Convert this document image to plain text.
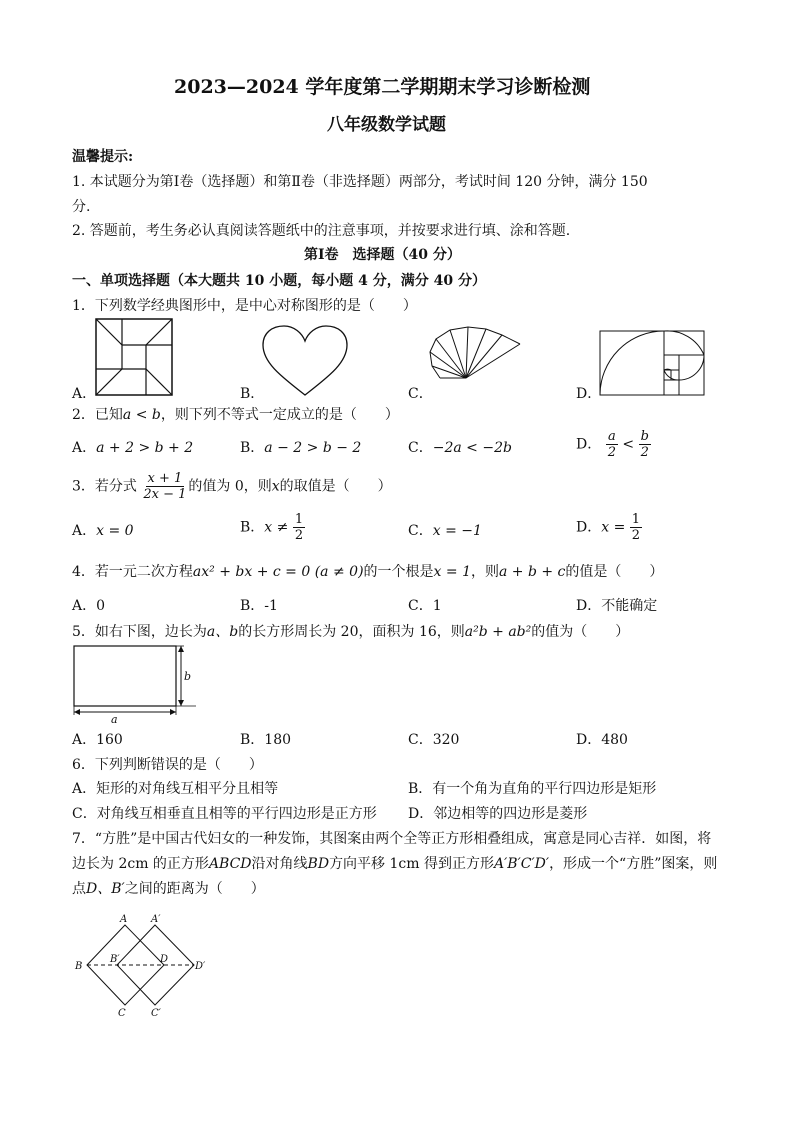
2023—2024 学年度第二学期期末学习诊断检测
八年级数学试题
温馨提示:
1. 本试题分为第Ⅰ卷（选择题）和第Ⅱ卷（非选择题）两部分，考试时间 120 分钟，满分 150
分.
2. 答题前，考生务必认真阅读答题纸中的注意事项，并按要求进行填、涂和答题.
第Ⅰ卷　选择题（40 分）
一、单项选择题（本大题共 10 小题，每小题 4 分，满分 40 分）
1．下列数学经典图形中，是中心对称图形的是（　　）
A．	B．	C．	D．
2．已知a < b，则下列不等式一定成立的是（　　）
A．a + 2 > b + 2	B．a − 2 > b − 2	C．−2a < −2b	D． $\frac{a}{2} < \frac{b}{2}$
3．若分式 $\frac{x + 1}{2x - 1}$ 的值为 0，则x的取值是（　　）
A．x = 0	B．$x \ne \frac{1}{2}$	C．x = −1	D．$x = \frac{1}{2}$
4．若一元二次方程ax² + bx + c = 0 (a ≠ 0)的一个根是x = 1，则a + b + c的值是（　　）
A．0	B．-1	C．1	D．不能确定
5．如右下图，边长为a、b的长方形周长为 20，面积为 16，则a²b + ab²的值为（　　）
b
a
A．160	B．180	C．320	D．480
6．下列判断错误的是（　　）
A．矩形的对角线互相平分且相等	B．有一个角为直角的平行四边形是矩形
C．对角线互相垂直且相等的平行四边形是正方形 D．邻边相等的四边形是菱形
7．“方胜”是中国古代妇女的一种发饰，其图案由两个全等正方形相叠组成，寓意是同心吉祥．如图，将
边长为 2cm 的正方形ABCD沿对角线BD方向平移 1cm 得到正方形A′B′C′D′，形成一个“方胜”图案，则
点D、B′之间的距离为（　　）
A A′
B
B′	D
D′
C	C′
